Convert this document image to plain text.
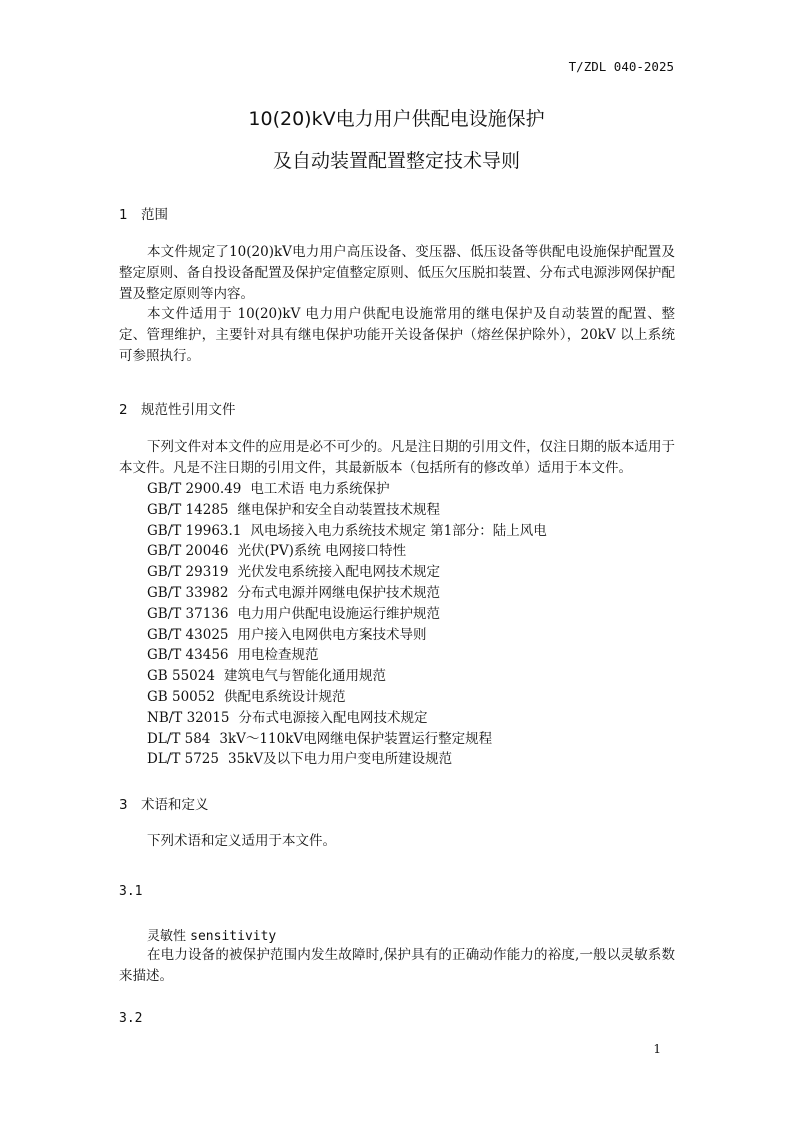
T/ZDL 040-2025
10(20)kV电力用户供配电设施保护
及自动装置配置整定技术导则
1 范围

本文件规定了10(20)kV电力用户高压设备、变压器、低压设备等供配电设施保护配置及整定原则、备自投设备配置及保护定值整定原则、低压欠压脱扣装置、分布式电源涉网保护配置及整定原则等内容。

本文件适用于 10(20)kV 电力用户供配电设施常用的继电保护及自动装置的配置、整定、管理维护，主要针对具有继电保护功能开关设备保护（熔丝保护除外），20kV 以上系统可参照执行。

2 规范性引用文件

下列文件对本文件的应用是必不可少的。凡是注日期的引用文件，仅注日期的版本适用于本文件。凡是不注日期的引用文件，其最新版本（包括所有的修改单）适用于本文件。

GB/T 2900.49 电工术语 电力系统保护
GB/T 14285 继电保护和安全自动装置技术规程
GB/T 19963.1 风电场接入电力系统技术规定 第1部分：陆上风电
GB/T 20046 光伏(PV)系统 电网接口特性
GB/T 29319 光伏发电系统接入配电网技术规定
GB/T 33982 分布式电源并网继电保护技术规范
GB/T 37136 电力用户供配电设施运行维护规范
GB/T 43025 用户接入电网供电方案技术导则
GB/T 43456 用电检查规范
GB 55024 建筑电气与智能化通用规范
GB 50052 供配电系统设计规范
NB/T 32015 分布式电源接入配电网技术规定
DL/T 584 3kV～110kV电网继电保护装置运行整定规程
DL/T 5725 35kV及以下电力用户变电所建设规范
3 术语和定义

下列术语和定义适用于本文件。

3.1
灵敏性 sensitivity

在电力设备的被保护范围内发生故障时,保护具有的正确动作能力的裕度,一般以灵敏系数来描述。

3.2
1
